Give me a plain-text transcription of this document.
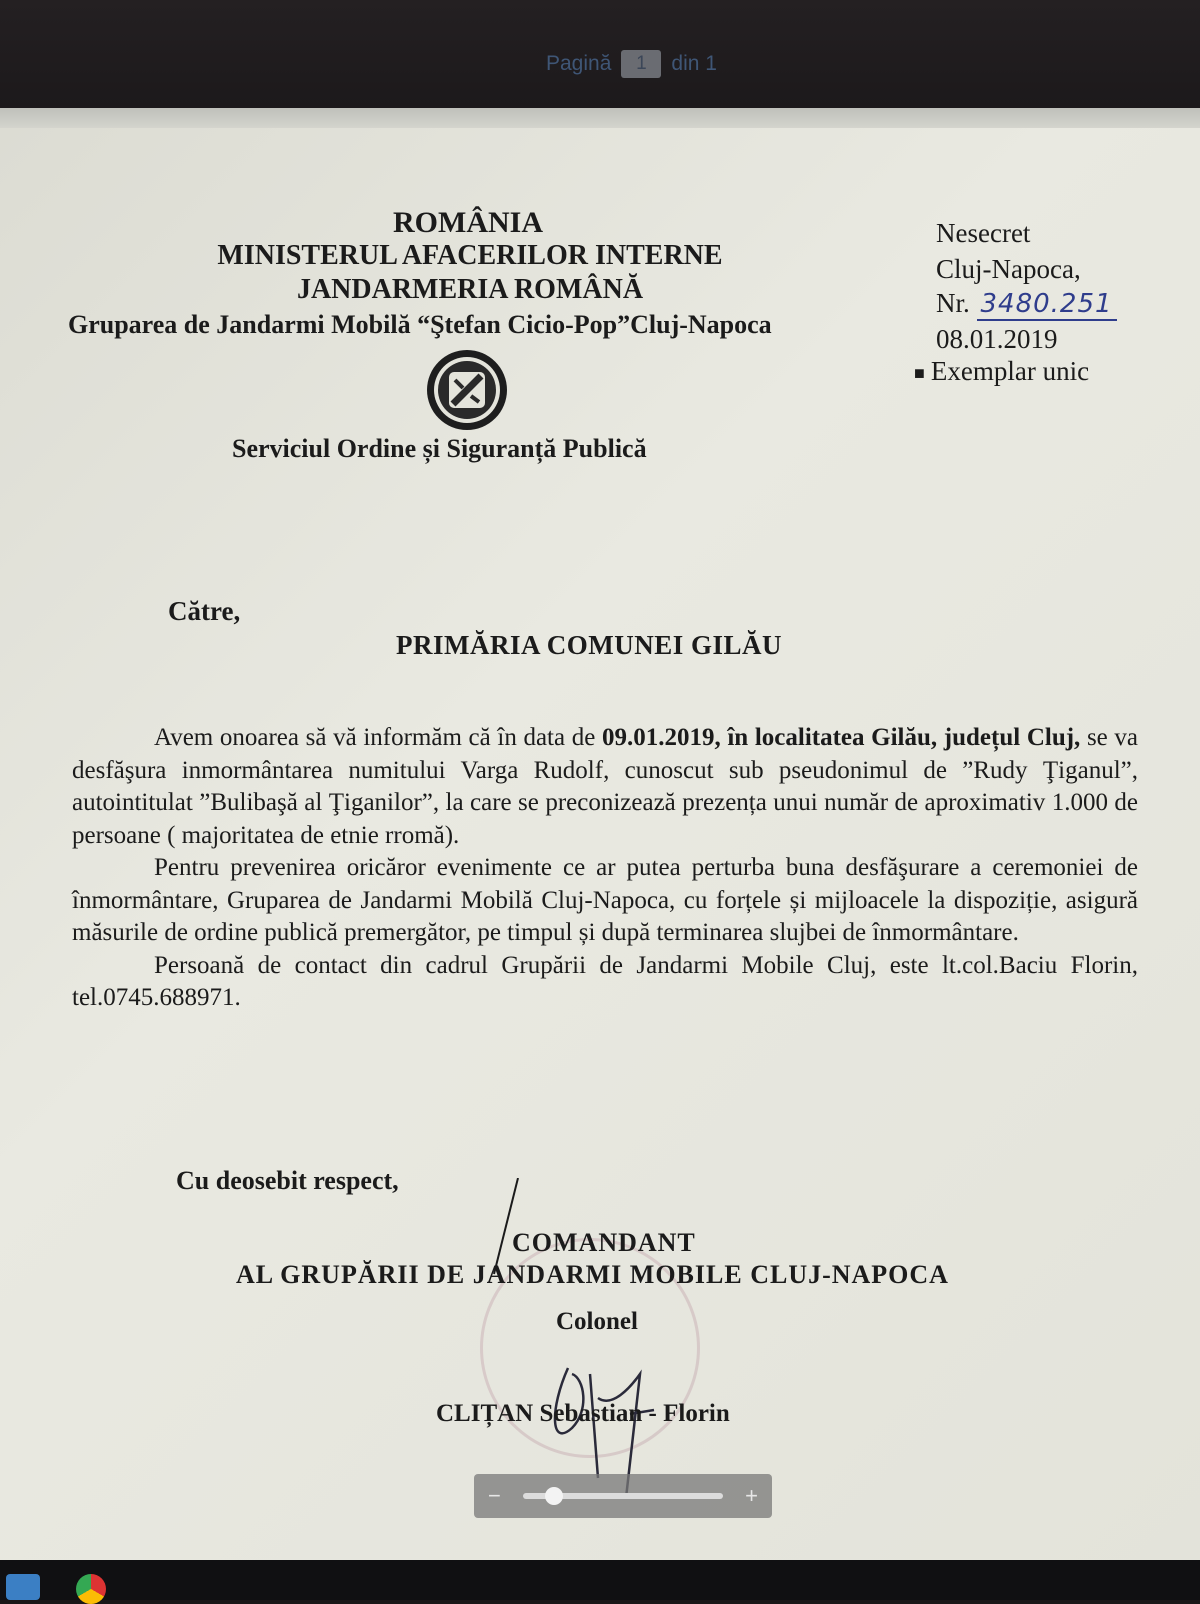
Pagină	1	din 1
ROMÂNIA
MINISTERUL AFACERILOR INTERNE
JANDARMERIA ROMÂNĂ
Gruparea de Jandarmi Mobilă “Ştefan Cicio-Pop”Cluj-Napoca
Serviciul Ordine și Siguranță Publică
Nesecret
Cluj-Napoca,
Nr. 3480.251
08.01.2019
■ Exemplar unic
Către,
PRIMĂRIA COMUNEI GILĂU

Avem onoarea să vă informăm că în data de 09.01.2019, în localitatea Gilău, județul Cluj, se va desfăşura inmormântarea numitului Varga Rudolf, cunoscut sub pseudonimul de ”Rudy Ţiganul”, autointitulat ”Bulibaşă al Ţiganilor”, la care se preconizează prezența unui număr de aproximativ 1.000 de persoane ( majoritatea de etnie rromă).

Pentru prevenirea oricăror evenimente ce ar putea perturba buna desfăşurare a ceremoniei de înmormântare, Gruparea de Jandarmi Mobilă Cluj-Napoca, cu forțele și mijloacele la dispoziție, asigură măsurile de ordine publică premergător, pe timpul și după terminarea slujbei de înmormântare.

Persoană de contact din cadrul Grupării de Jandarmi Mobile Cluj, este lt.col.Baciu Florin, tel.0745.688971.

Cu deosebit respect,
COMANDANT
AL GRUPĂRII DE JANDARMI MOBILE CLUJ-NAPOCA
Colonel
CLIȚAN Sebastian - Florin
−	+
